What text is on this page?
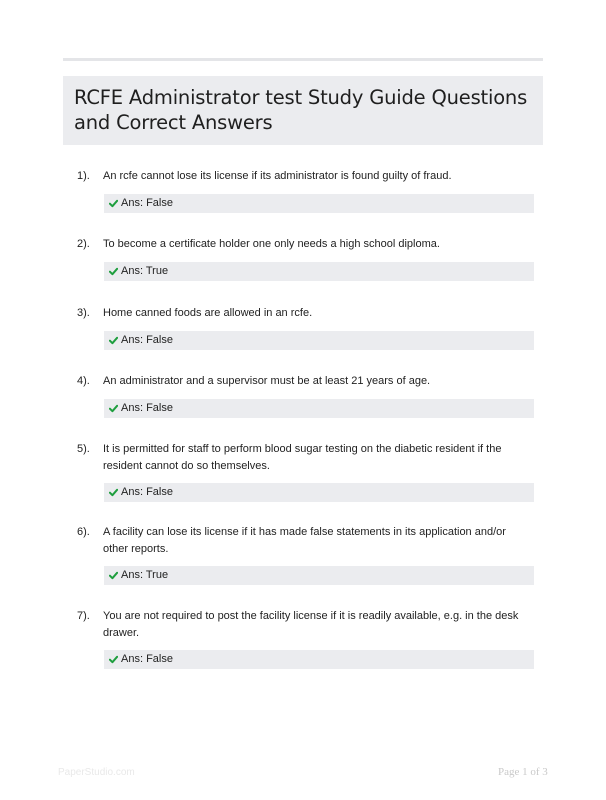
RCFE Administrator test Study Guide Questions and Correct Answers
1). An rcfe cannot lose its license if its administrator is found guilty of fraud.
Ans: False
2). To become a certificate holder one only needs a high school diploma.
Ans: True
3). Home canned foods are allowed in an rcfe.
Ans: False
4). An administrator and a supervisor must be at least 21 years of age.
Ans: False
5). It is permitted for staff to perform blood sugar testing on the diabetic resident if the resident cannot do so themselves.
Ans: False
6). A facility can lose its license if it has made false statements in its application and/or other reports.
Ans: True
7). You are not required to post the facility license if it is readily available, e.g. in the desk drawer.
Ans: False
PaperStudio.com	Page 1 of 3
